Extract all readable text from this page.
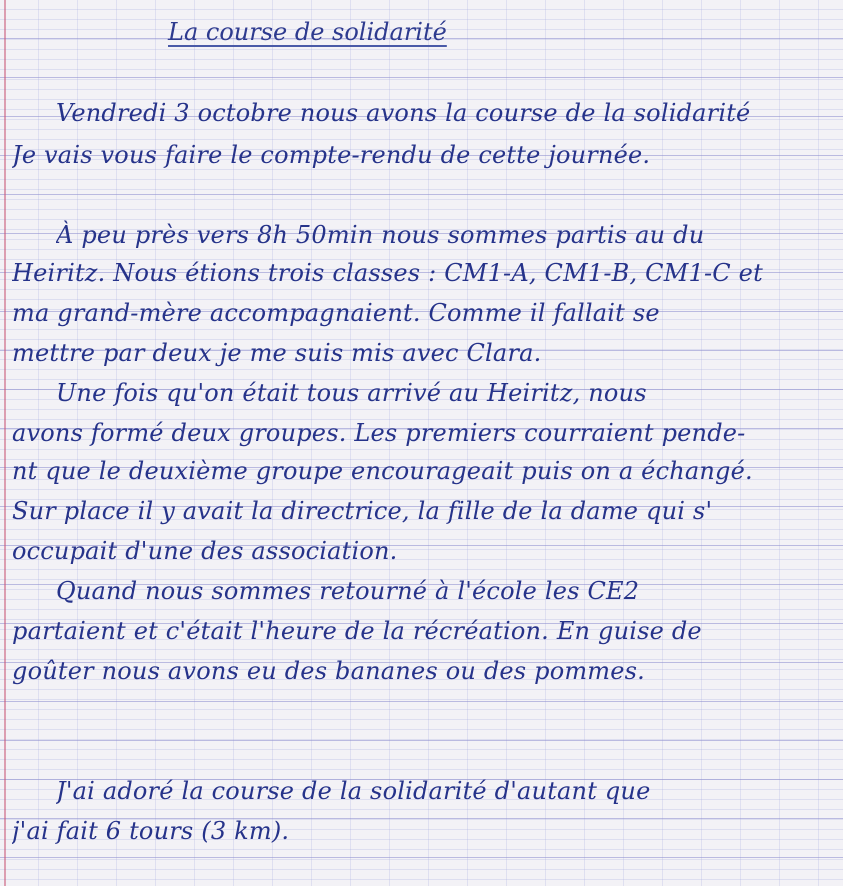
La course de solidarité
Vendredi 3 octobre nous avons la course de la solidarité
Je vais vous faire le compte-rendu de cette journée.
À peu près vers 8h 50min nous sommes partis au du
Heiritz. Nous étions trois classes : CM1-A, CM1-B, CM1-C et
ma grand-mère accompagnaient. Comme il fallait se
mettre par deux je me suis mis avec Clara.
Une fois qu'on était tous arrivé au Heiritz, nous
avons formé deux groupes. Les premiers courraient pende-
nt que le deuxième groupe encourageait puis on a échangé.
Sur place il y avait la directrice, la fille de la dame qui s'
occupait d'une des association.
Quand nous sommes retourné à l'école les CE2
partaient et c'était l'heure de la récréation. En guise de
goûter nous avons eu des bananes ou des pommes.
J'ai adoré la course de la solidarité d'autant que
j'ai fait 6 tours (3 km).
